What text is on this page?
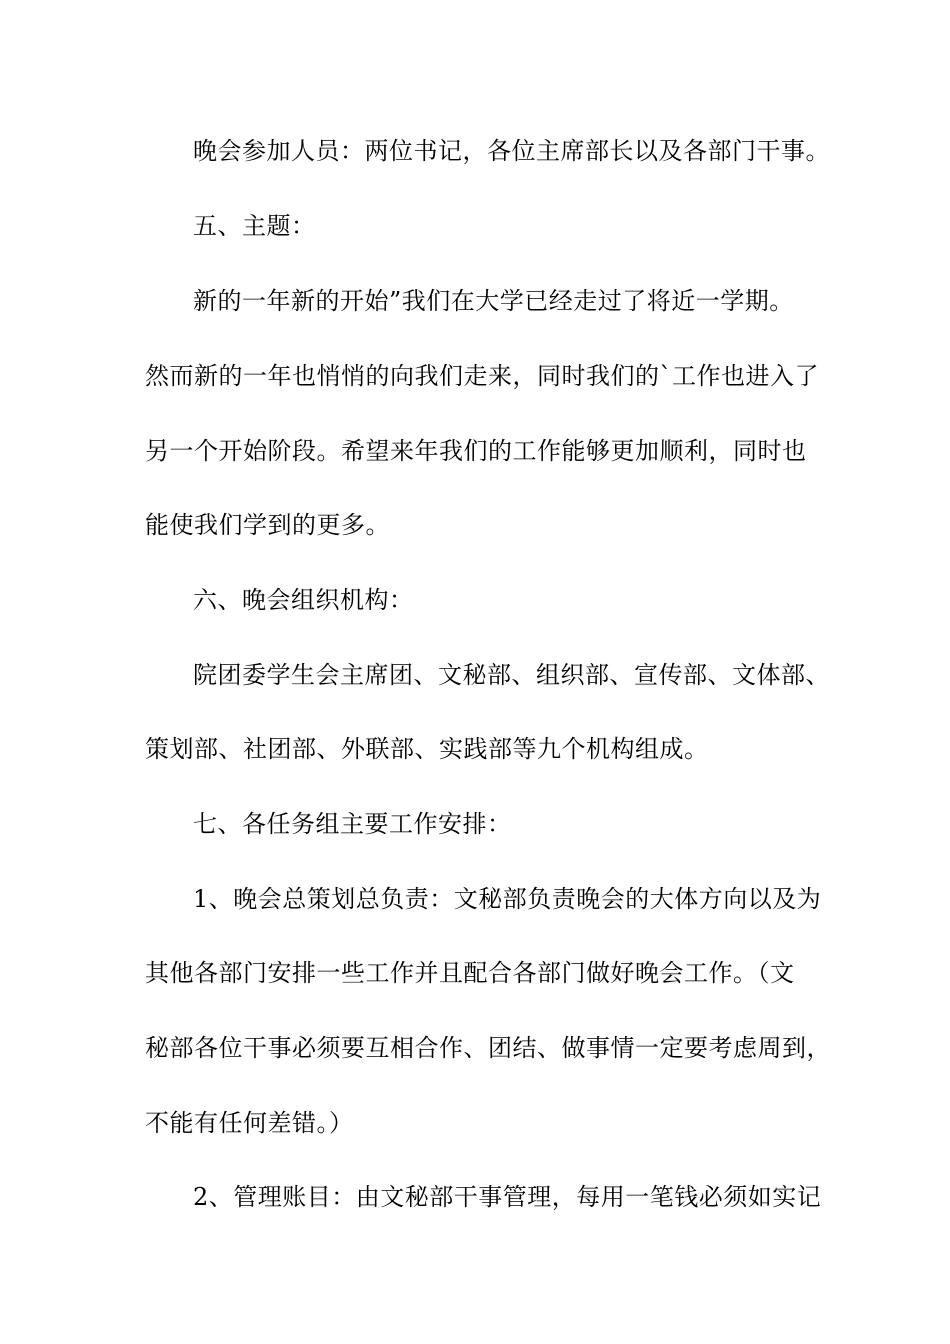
晚会参加人员：两位书记，各位主席部长以及各部门干事。
五、主题：
新的一年新的开始”我们在大学已经走过了将近一学期。
然而新的一年也悄悄的向我们走来，同时我们的`工作也进入了
另一个开始阶段。希望来年我们的工作能够更加顺利，同时也
能使我们学到的更多。
六、晚会组织机构：
院团委学生会主席团、文秘部、组织部、宣传部、文体部、
策划部、社团部、外联部、实践部等九个机构组成。
七、各任务组主要工作安排：
1、晚会总策划总负责：文秘部负责晚会的大体方向以及为
其他各部门安排一些工作并且配合各部门做好晚会工作。（文
秘部各位干事必须要互相合作、团结、做事情一定要考虑周到，
不能有任何差错。）
2、管理账目：由文秘部干事管理，每用一笔钱必须如实记
